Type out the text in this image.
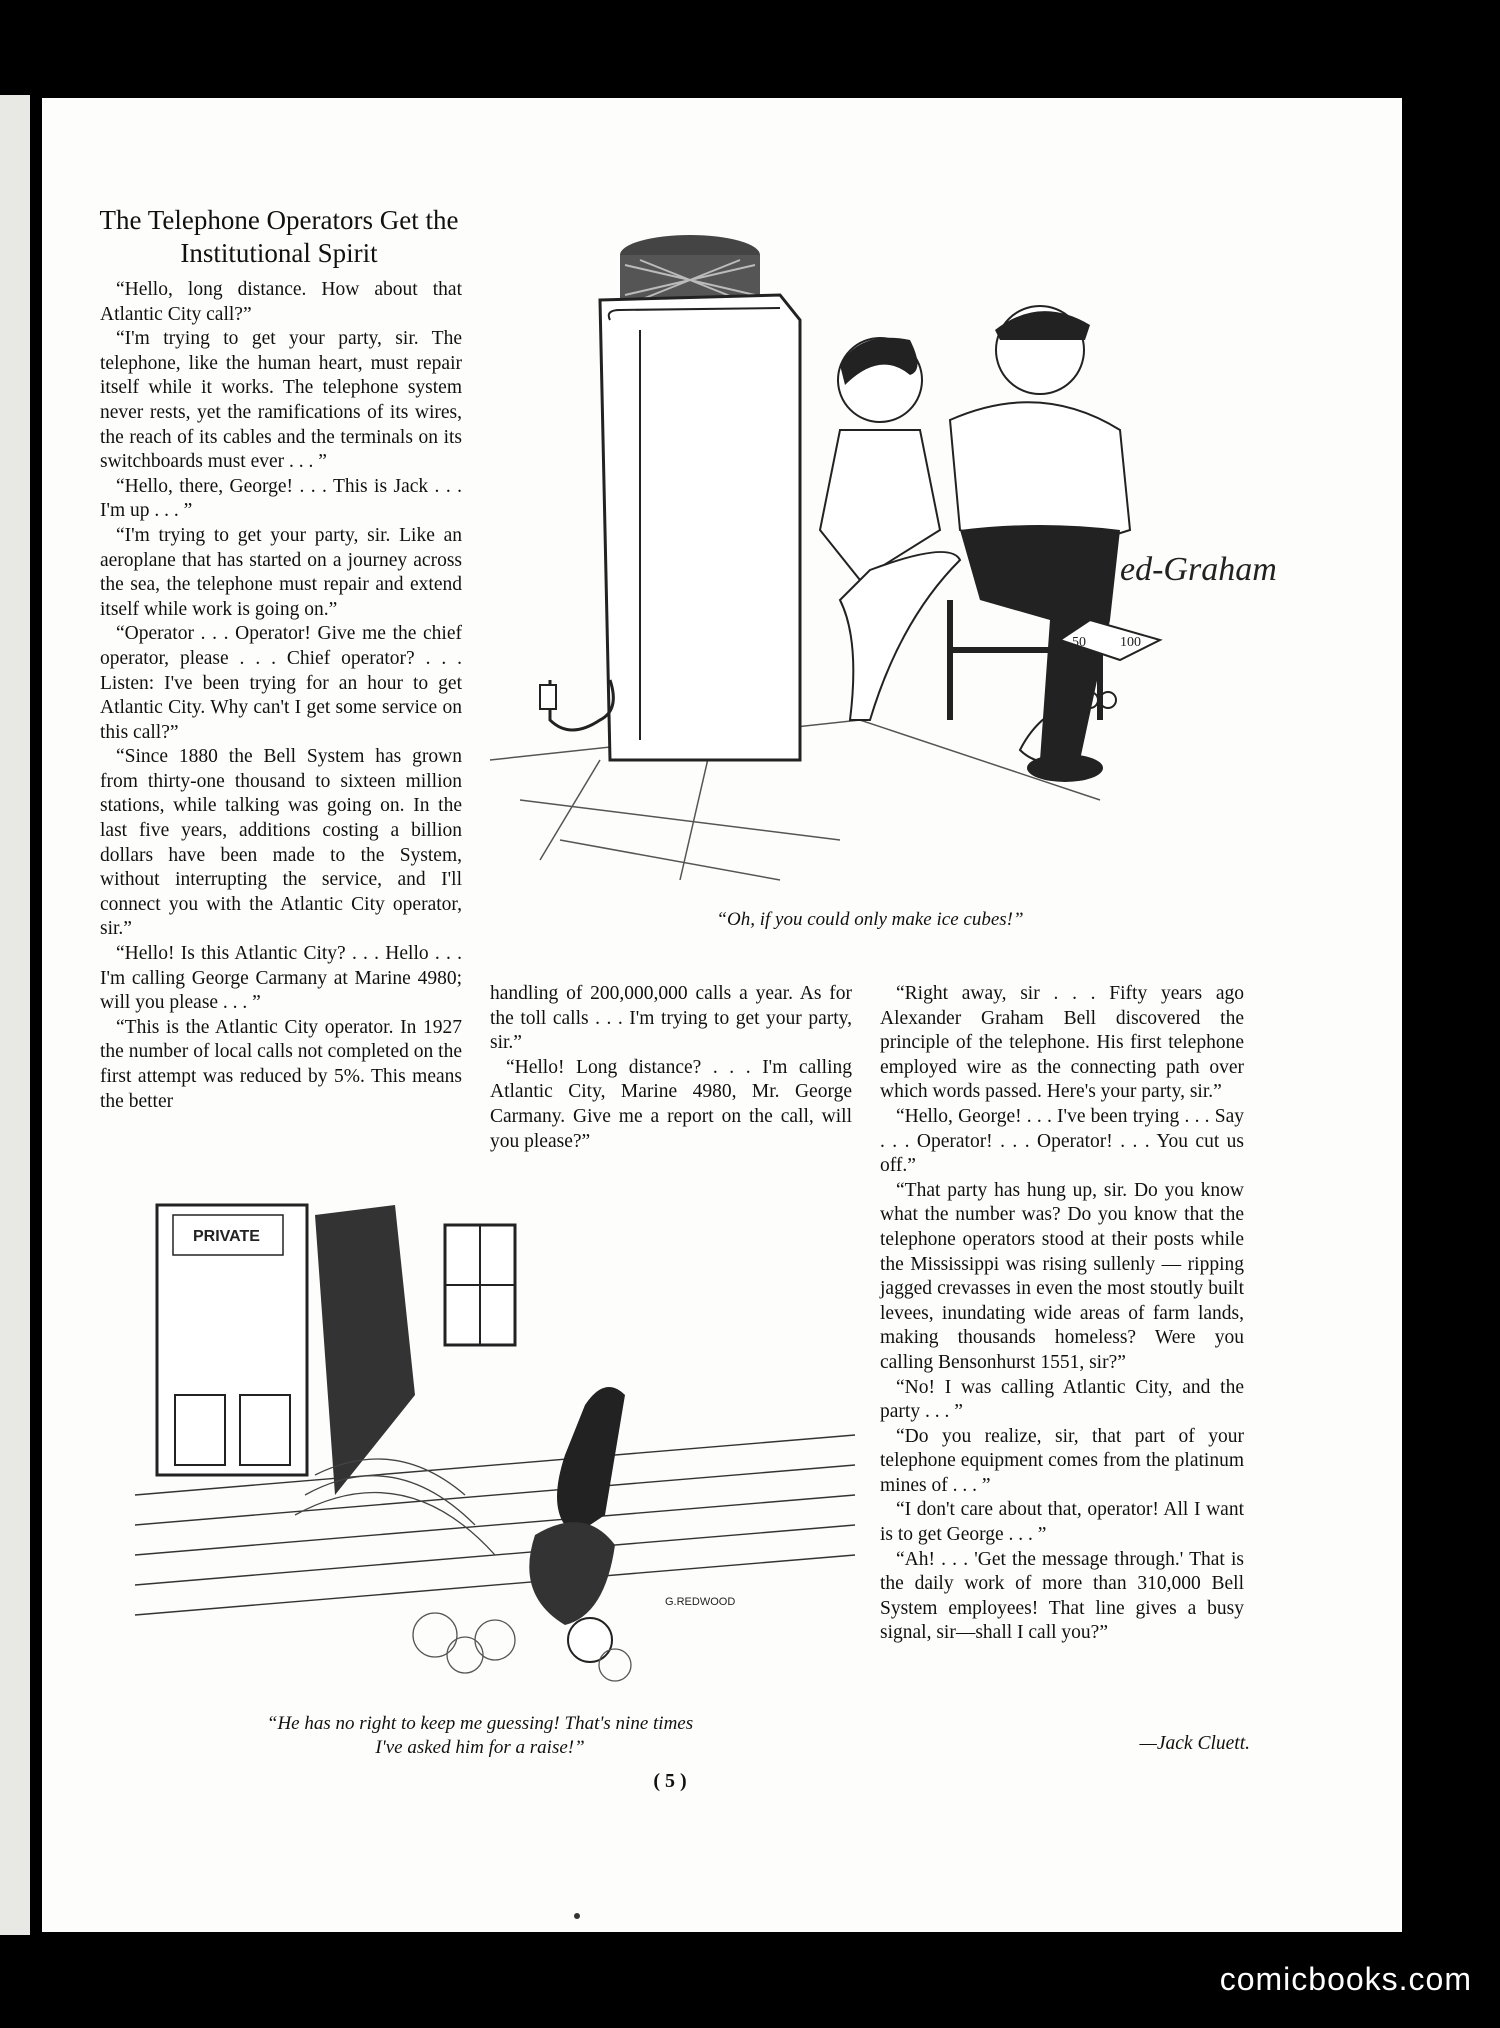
The Telephone Operators Get the Institutional Spirit

“Hello, long distance. How about that Atlantic City call?”

“I'm trying to get your party, sir. The telephone, like the human heart, must repair itself while it works. The telephone system never rests, yet the ramifications of its wires, the reach of its cables and the terminals on its switchboards must ever . . . ”

“Hello, there, George! . . . This is Jack . . . I'm up . . . ”

“I'm trying to get your party, sir. Like an aeroplane that has started on a journey across the sea, the telephone must repair and extend itself while work is going on.”

“Operator . . . Operator! Give me the chief operator, please . . . Chief operator? . . . Listen: I've been trying for an hour to get Atlantic City. Why can't I get some service on this call?”

“Since 1880 the Bell System has grown from thirty-one thousand to sixteen million stations, while talking was going on. In the last five years, additions costing a billion dollars have been made to the System, without interrupting the service, and I'll connect you with the Atlantic City operator, sir.”

“Hello! Is this Atlantic City? . . . Hello . . . I'm calling George Carmany at Marine 4980; will you please . . . ”

“This is the Atlantic City operator. In 1927 the number of local calls not completed on the first attempt was reduced by 5%. This means the better

handling of 200,000,000 calls a year. As for the toll calls . . . I'm trying to get your party, sir.”

“Hello! Long distance? . . . I'm calling Atlantic City, Marine 4980, Mr. George Carmany. Give me a report on the call, will you please?”

“Right away, sir . . . Fifty years ago Alexander Graham Bell discovered the principle of the telephone. His first telephone employed wire as the connecting path over which words passed. Here's your party, sir.”

“Hello, George! . . . I've been trying . . . Say . . . Operator! . . . Operator! . . . You cut us off.”

“That party has hung up, sir. Do you know what the number was? Do you know that the telephone operators stood at their posts while the Mississippi was rising sullenly — ripping jagged crevasses in even the most stoutly built levees, inundating wide areas of farm lands, making thousands homeless? Were you calling Bensonhurst 1551, sir?”

“No! I was calling Atlantic City, and the party . . . ”

“Do you realize, sir, that part of your telephone equipment comes from the platinum mines of . . . ”

“I don't care about that, operator! All I want is to get George . . . ”

“Ah! . . . 'Get the message through.' That is the daily work of more than 310,000 Bell System employees! That line gives a busy signal, sir—shall I call you?”

—Jack Cluett.
ed-Graham
50 100
“Oh, if you could only make ice cubes!”
PRIVATE
G.REDWOOD
“He has no right to keep me guessing! That's nine times
I've asked him for a raise!”
( 5 )
comicbooks.com
